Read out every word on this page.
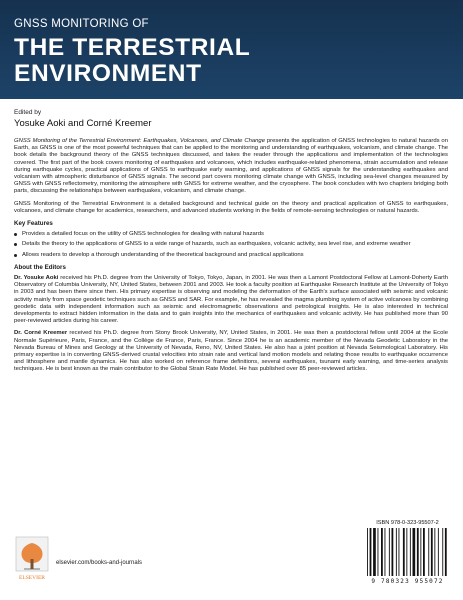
GNSS MONITORING OF
THE TERRESTRIAL
ENVIRONMENT
Edited by
Yosuke Aoki and Corné Kreemer

GNSS Monitoring of the Terrestrial Environment: Earthquakes, Volcanoes, and Climate Change presents the application of GNSS technologies to natural hazards on Earth, as GNSS is one of the most powerful techniques that can be applied to the monitoring and understanding of earthquakes, volcanism, and climate change. The book details the background theory of the GNSS techniques discussed, and takes the reader through the applications and implementation of the technologies covered. The first part of the book covers monitoring of earthquakes and volcanoes, which includes earthquake-related phenomena, strain accumulation and release during earthquake cycles, practical applications of GNSS to earthquake early warning, and applications of GNSS signals for the understanding earthquakes and volcanism with atmospheric disturbance of GNSS signals. The second part covers monitoring climate change with GNSS, including sea-level changes measured by GNSS with GNSS reflectometry, monitoring the atmosphere with GNSS for extreme weather, and the cryosphere. The book concludes with two chapters bridging both parts, discussing the relationships between earthquakes, volcanism, and climate change.

GNSS Monitoring of the Terrestrial Environment is a detailed background and technical guide on the theory and practical application of GNSS to earthquakes, volcanoes, and climate change for academics, researchers, and advanced students working in the fields of remote-sensing technologies or natural hazards.

Key Features
Provides a detailed focus on the utility of GNSS technologies for dealing with natural hazards
Details the theory to the applications of GNSS to a wide range of hazards, such as earthquakes, volcanic activity, sea level rise, and extreme weather
Allows readers to develop a thorough understanding of the theoretical background and practical applications
About the Editors

Dr. Yosuke Aoki received his Ph.D. degree from the University of Tokyo, Tokyo, Japan, in 2001. He was then a Lamont Postdoctoral Fellow at Lamont-Doherty Earth Observatory of Columbia University, NY, United States, between 2001 and 2003. He took a faculty position at Earthquake Research Institute at the University of Tokyo in 2003 and has been there since then. His primary expertise is observing and modeling the deformation of the Earth's surface associated with seismic and volcanic activity mainly from space geodetic techniques such as GNSS and SAR. For example, he has revealed the magma plumbing system of active volcanoes by combining geodetic data with independent information such as seismic and electromagnetic observations and petrological insights. He is also interested in technical developments to extract hidden information in the data and to gain insights into the mechanics of earthquakes and volcanic activity. He has published more than 90 peer-reviewed articles during his career.

Dr. Corné Kreemer received his Ph.D. degree from Stony Brook University, NY, United States, in 2001. He was then a postdoctoral fellow until 2004 at the Ecole Normale Supérieure, Paris, France, and the Collège de France, Paris, France. Since 2004 he is an academic member of the Nevada Geodetic Laboratory in the Nevada Bureau of Mines and Geology at the University of Nevada, Reno, NV, United States. He also has a joint position at Nevada Seismological Laboratory. His primary expertise is in converting GNSS-derived crustal velocities into strain rate and vertical land motion models and relating those results to earthquake occurrence and lithosphere and mantle dynamics. He has also worked on reference frame definitions, several earthquakes, tsunami early warning, and time-series analysis techniques. He is best known as the main contributor to the Global Strain Rate Model. He has published over 85 peer-reviewed articles.

ELSEVIER
elsevier.com/books-and-journals
ISBN 978-0-323-95507-2
9 780323 955072
